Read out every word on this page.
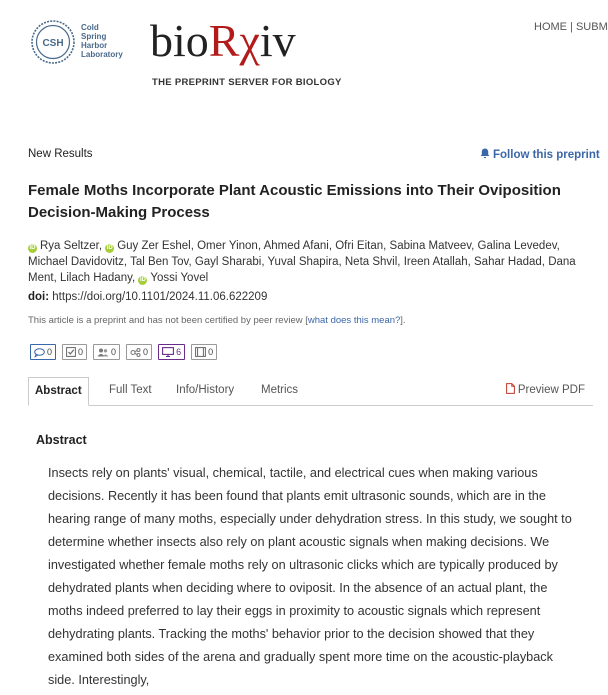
CSH
Cold
Spring
Harbor
Laboratory bioRχiv
THE PREPRINT SERVER FOR BIOLOGY
HOME | SUBM
New Results	Follow this preprint
Female Moths Incorporate Plant Acoustic Emissions into Their Oviposition Decision-Making Process
iD Rya Seltzer, iD Guy Zer Eshel, Omer Yinon, Ahmed Afani, Ofri Eitan, Sabina Matveev, Galina Levedev, Michael Davidovitz, Tal Ben Tov, Gayl Sharabi, Yuval Shapira, Neta Shvil, Ireen Atallah, Sahar Hadad, Dana Ment, Lilach Hadany, iD Yossi Yovel
doi: https://doi.org/10.1101/2024.11.06.622209
This article is a preprint and has not been certified by peer review [what does this mean?].
0	0	0	0	6	0
Abstract	Full Text	Info/History	Metrics	Preview PDF
Abstract
Insects rely on plants' visual, chemical, tactile, and electrical cues when making various decisions. Recently it has been found that plants emit ultrasonic sounds, which are in the hearing range of many moths, especially under dehydration stress. In this study, we sought to determine whether insects also rely on plant acoustic signals when making decisions. We investigated whether female moths rely on ultrasonic clicks which are typically produced by dehydrated plants when deciding where to oviposit. In the absence of an actual plant, the moths indeed preferred to lay their eggs in proximity to acoustic signals which represent dehydrating plants. Tracking the moths' behavior prior to the decision showed that they examined both sides of the arena and gradually spent more time on the acoustic-playback side. Interestingly,
